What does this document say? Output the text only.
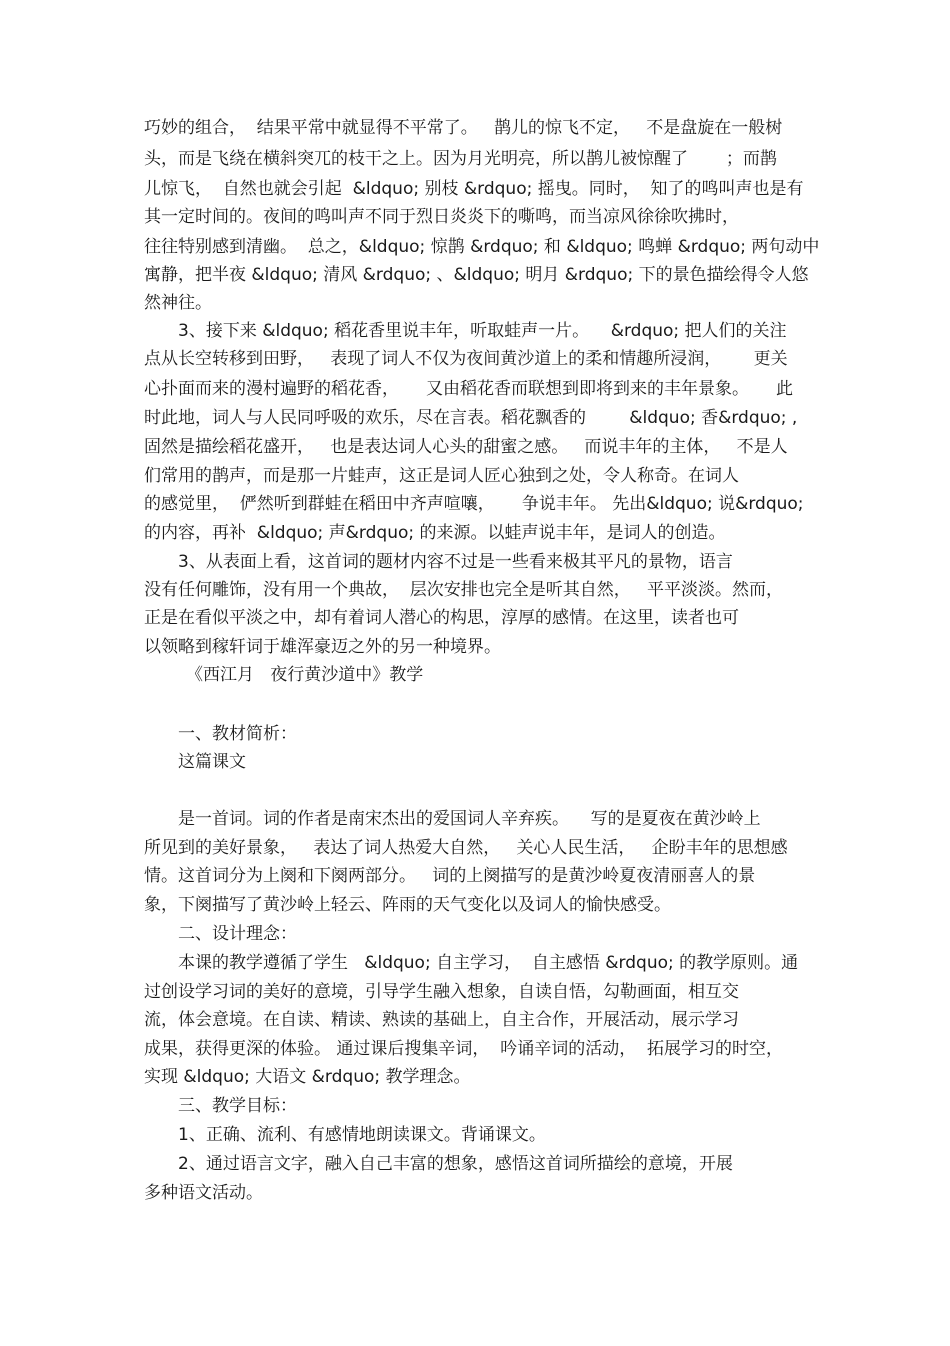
巧妙的组合，  结果平常中就显得不平常了。   鹊儿的惊飞不定，   不是盘旋在一般树
头，而是飞绕在横斜突兀的枝干之上。因为月光明亮，所以鹊儿被惊醒了       ；而鹊
儿惊飞，  自然也就会引起  &ldquo; 别枝 &rdquo; 摇曳。同时，  知了的鸣叫声也是有
其一定时间的。夜间的鸣叫声不同于烈日炎炎下的嘶鸣，而当凉风徐徐吹拂时，
往往特别感到清幽。  总之，&ldquo; 惊鹊 &rdquo; 和 &ldquo; 鸣蝉 &rdquo; 两句动中
寓静，把半夜 &ldquo; 清风 &rdquo; 、&ldquo; 明月 &rdquo; 下的景色描绘得令人悠
然神往。
3、接下来 &ldquo; 稻花香里说丰年，听取蛙声一片。    &rdquo; 把人们的关注
点从长空转移到田野，   表现了词人不仅为夜间黄沙道上的柔和情趣所浸润，      更关
心扑面而来的漫村遍野的稻花香，     又由稻花香而联想到即将到来的丰年景象。     此
时此地，词人与人民同呼吸的欢乐，尽在言表。稻花飘香的        &ldquo; 香&rdquo; ,
固然是描绘稻花盛开，   也是表达词人心头的甜蜜之感。   而说丰年的主体，   不是人
们常用的鹊声，而是那一片蛙声，这正是词人匠心独到之处，令人称奇。在词人
的感觉里，  俨然听到群蛙在稻田中齐声喧嚷，     争说丰年。 先出&ldquo; 说&rdquo;
的内容，再补  &ldquo; 声&rdquo; 的来源。以蛙声说丰年，是词人的创造。
3、从表面上看，这首词的题材内容不过是一些看来极其平凡的景物，语言
没有任何雕饰，没有用一个典故，  层次安排也完全是听其自然，   平平淡淡。然而，
正是在看似平淡之中，却有着词人潜心的构思，淳厚的感情。在这里，读者也可
以领略到稼轩词于雄浑豪迈之外的另一种境界。
《西江月   夜行黄沙道中》教学
一、教材简析：
这篇课文
是一首词。词的作者是南宋杰出的爱国词人辛弃疾。    写的是夏夜在黄沙岭上
所见到的美好景象，   表达了词人热爱大自然，   关心人民生活，   企盼丰年的思想感
情。这首词分为上阕和下阕两部分。   词的上阕描写的是黄沙岭夏夜清丽喜人的景
象，下阕描写了黄沙岭上轻云、阵雨的天气变化以及词人的愉快感受。
二、设计理念：
本课的教学遵循了学生   &ldquo; 自主学习，  自主感悟 &rdquo; 的教学原则。通
过创设学习词的美好的意境，引导学生融入想象，自读自悟，勾勒画面，相互交
流，体会意境。在自读、精读、熟读的基础上，自主合作，开展活动，展示学习
成果，获得更深的体验。 通过课后搜集辛词，  吟诵辛词的活动，  拓展学习的时空，
实现 &ldquo; 大语文 &rdquo; 教学理念。
三、教学目标：
1、正确、流利、有感情地朗读课文。背诵课文。
2、通过语言文字，融入自己丰富的想象，感悟这首词所描绘的意境，开展
多种语文活动。
